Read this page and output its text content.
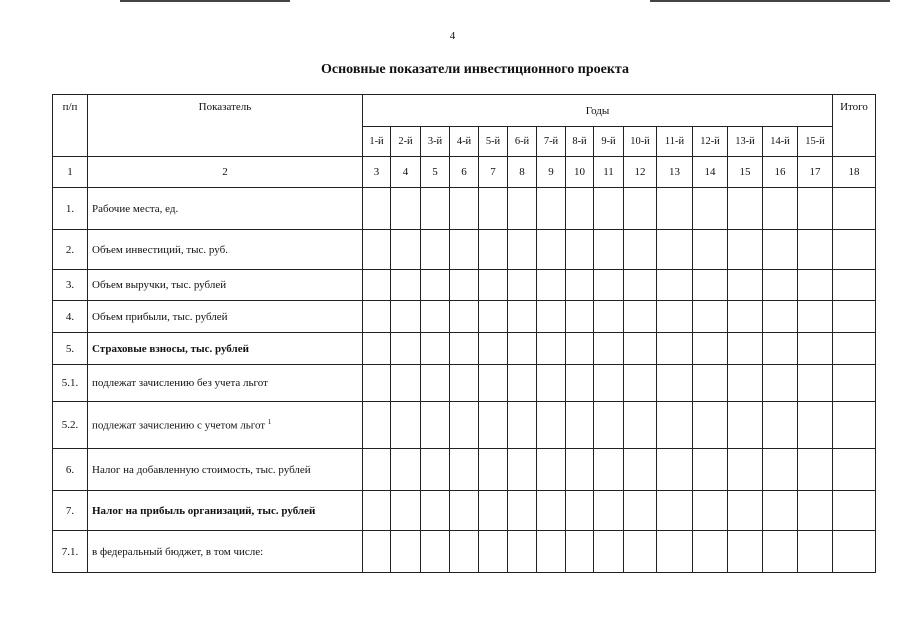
4
Основные показатели инвестиционного проекта
п/п	Показатель	Годы															Итого
		1-й	2-й	3-й	4-й	5-й	6-й	7-й	8-й	9-й	10-й	11-й	12-й	13-й	14-й	15-й	
1	2	3	4	5	6	7	8	9	10	11	12	13	14	15	16	17	18
1.	Рабочие места, ед.																
2.	Объем инвестиций, тыс. руб.																
3.	Объем выручки, тыс. рублей																
4.	Объем прибыли, тыс. рублей																
5.	Страховые взносы, тыс. рублей																
5.1.	подлежат зачислению без учета льгот																
5.2.	подлежат зачислению с учетом льгот $^1$																
6.	Налог на добавленную стоимость, тыс. рублей																
7.	Налог на прибыль организаций, тыс. рублей																
7.1.	в федеральный бюджет, в том числе:																
